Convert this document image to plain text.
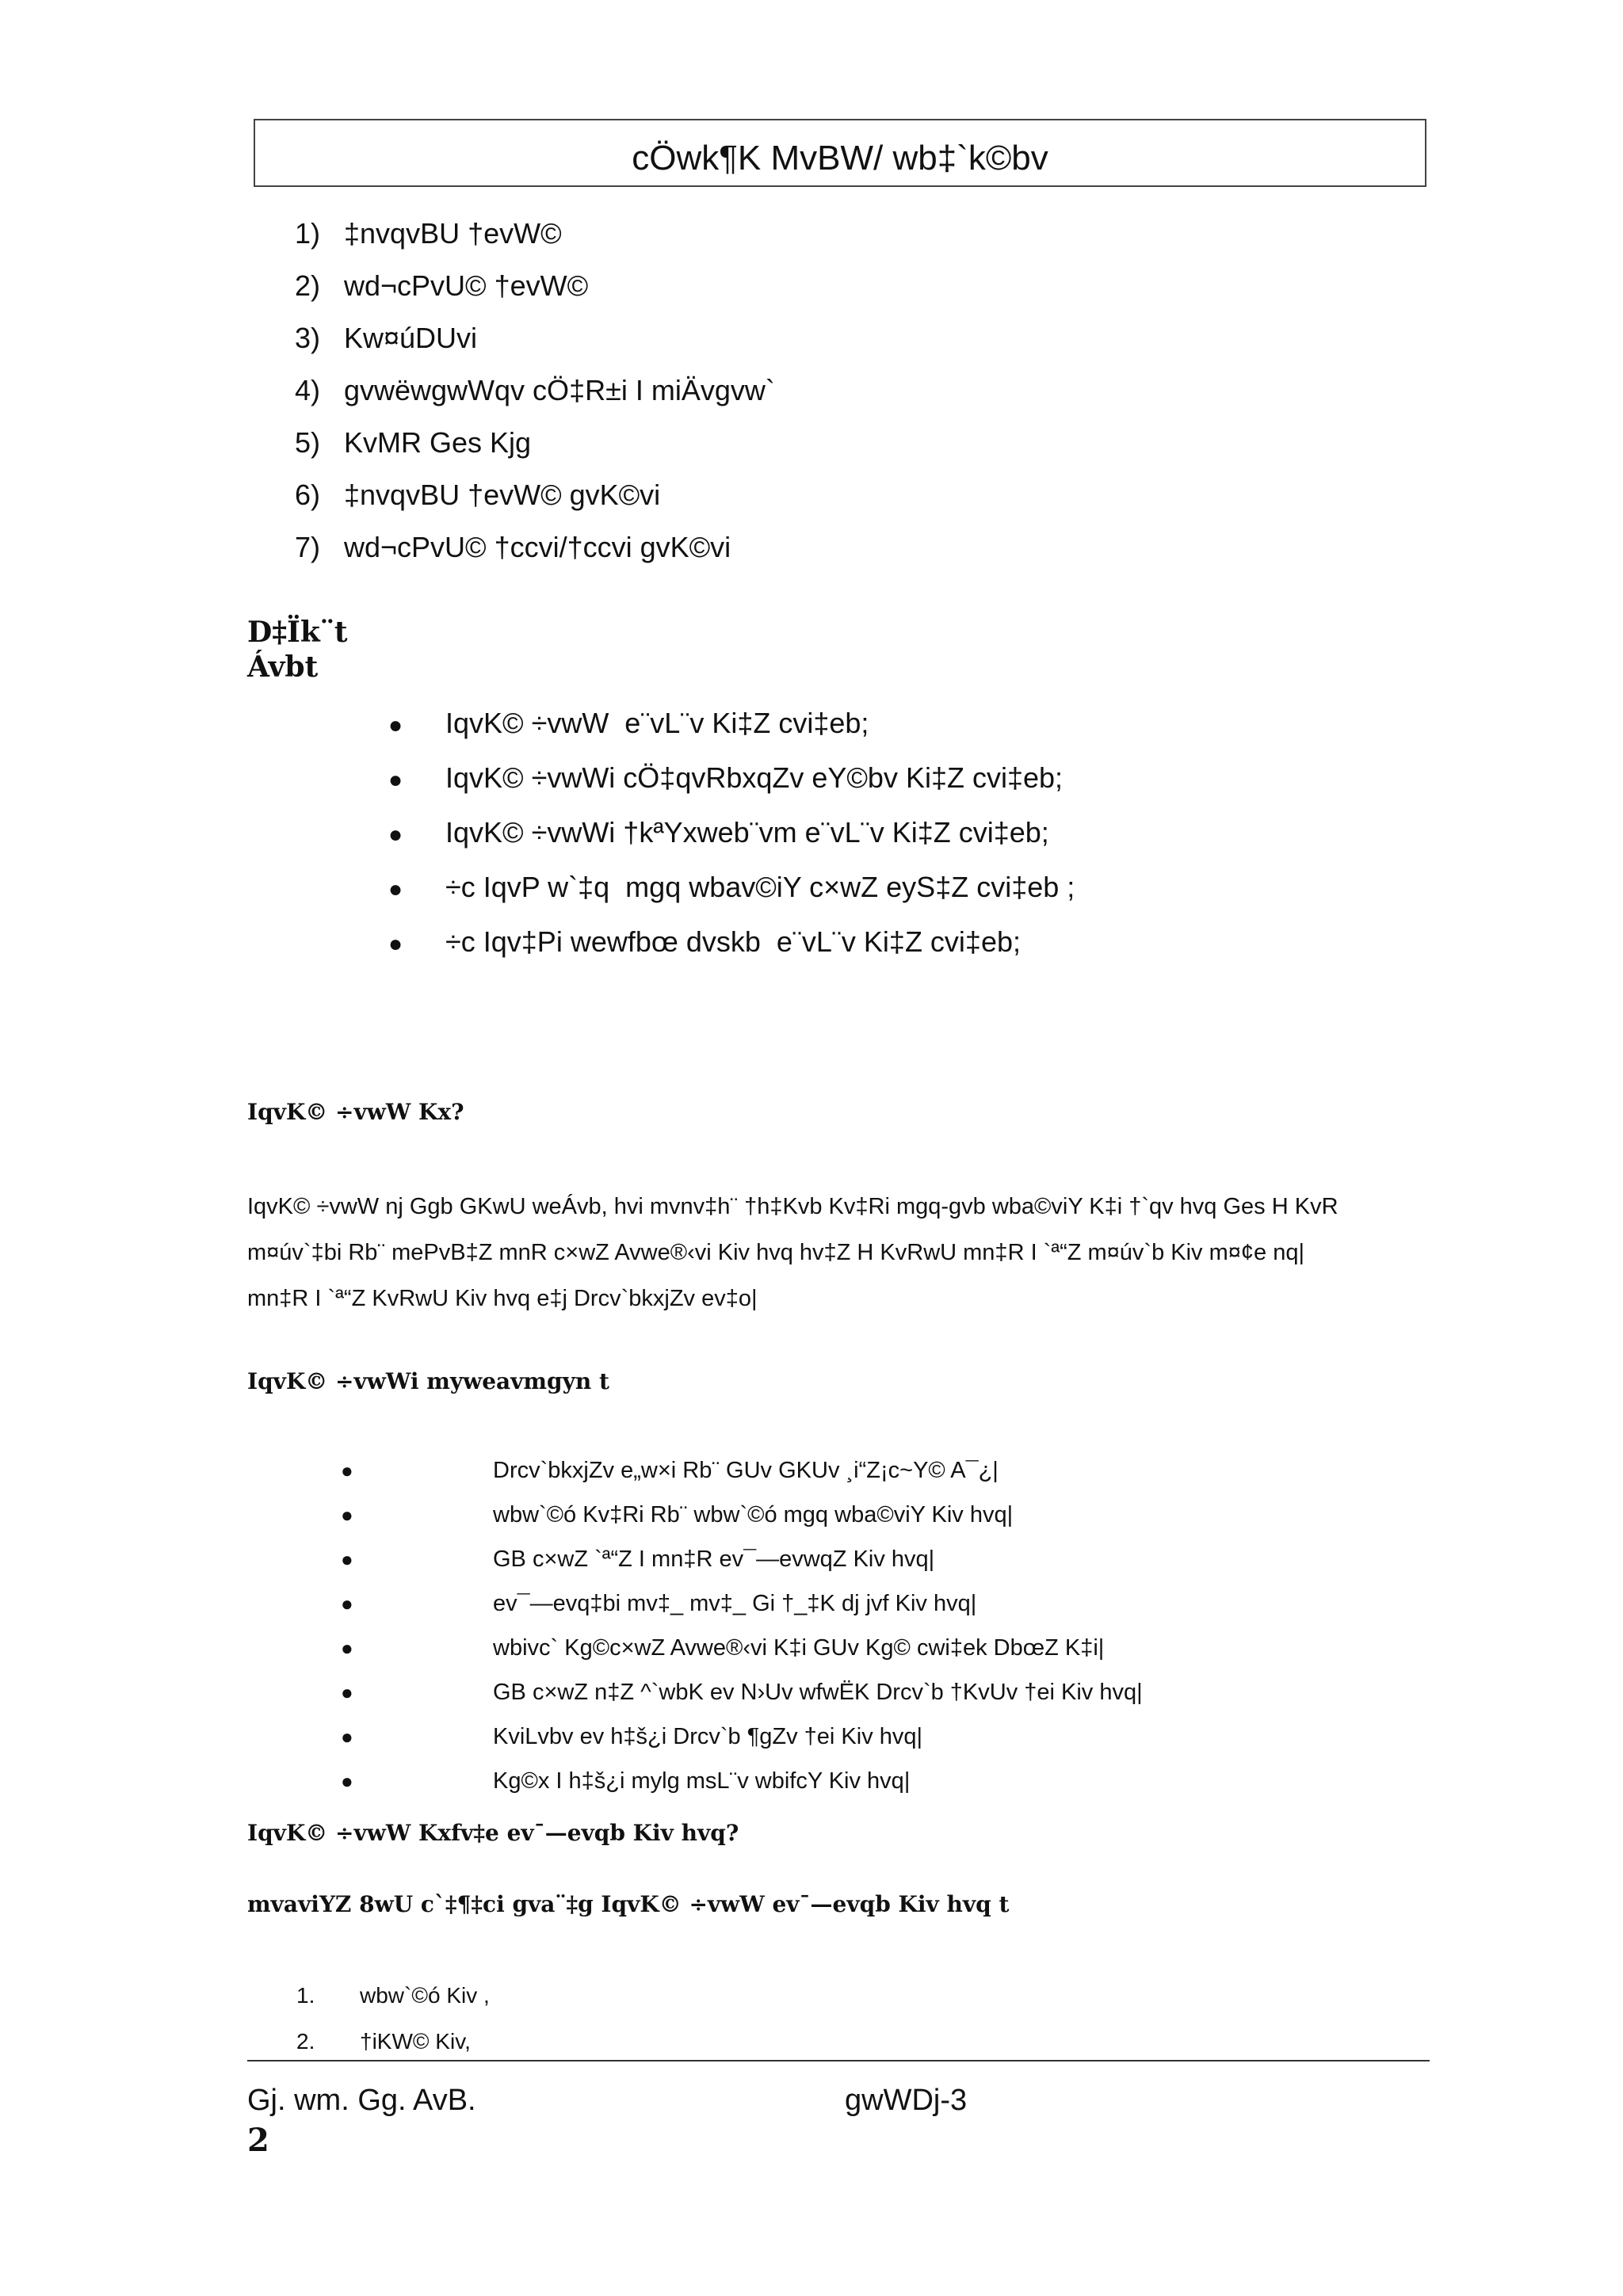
cÖwk¶K MvBW/ wb‡`k©bv
1) ‡nvqvBU †evW©
2) wd¬cPvU© †evW©
3) Kw¤úDUvi
4) gvwëwgwWqv cÖ‡R±i I miÄvgvw`
5) KvMR Ges Kjg
6) ‡nvqvBU †evW© gvK©vi
7) wd¬cPvU© †ccvi/†ccvi gvK©vi
D‡Ïk¨t
Ávbt
●	IqvK© ÷vwW  e¨vL¨v Ki‡Z cvi‡eb;
●	IqvK© ÷vwWi cÖ‡qvRbxqZv eY©bv Ki‡Z cvi‡eb;
●	IqvK© ÷vwWi †kªYxweb¨vm e¨vL¨v Ki‡Z cvi‡eb;
●	÷c IqvP w`‡q  mgq wbav©iY c×wZ eyS‡Z cvi‡eb ;
●	÷c Iqv‡Pi wewfbœ dvskb  e¨vL¨v Ki‡Z cvi‡eb;
IqvK© ÷vwW Kx?
IqvK© ÷vwW nj Ggb GKwU weÁvb, hvi mvnv‡h¨ †h‡Kvb Kv‡Ri mgq-gvb wba©viY K‡i †`qv hvq Ges H KvR
m¤úv`‡bi Rb¨ mePvB‡Z mnR c×wZ Avwe®‹vi Kiv hvq hv‡Z H KvRwU mn‡R I `ª“Z m¤úv`b Kiv m¤¢e nq|
mn‡R I `ª“Z KvRwU Kiv hvq e‡j Drcv`bkxjZv ev‡o|
IqvK© ÷vwWi myweavmgyn t
●	Drcv`bkxjZv e„w×i Rb¨ GUv GKUv ¸i“Z¡c~Y© A¯¿|
●	wbw`©ó Kv‡Ri Rb¨ wbw`©ó mgq wba©viY Kiv hvq|
●	GB c×wZ `ª“Z I mn‡R ev¯—evwqZ Kiv hvq|
●	ev¯—evq‡bi mv‡_ mv‡_ Gi †_‡K dj jvf Kiv hvq|
●	wbivc` Kg©c×wZ Avwe®‹vi K‡i GUv Kg© cwi‡ek DbœZ K‡i|
●	GB c×wZ n‡Z ^`wbK ev N›Uv wfwËK Drcv`b †KvUv †ei Kiv hvq|
●	KviLvbv ev h‡š¿i Drcv`b ¶gZv †ei Kiv hvq|
●	Kg©x I h‡š¿i mylg msL¨v wbifcY Kiv hvq|
IqvK© ÷vwW Kxfv‡e ev¯—evqb Kiv hvq?
mvaviYZ 8wU c`‡¶‡ci gva¨‡g IqvK© ÷vwW ev¯—evqb Kiv hvq t
1.	wbw`©ó Kiv ,
2.	†iKW© Kiv,
Gj. wm. Gg. AvB.	gwWDj-3
2
